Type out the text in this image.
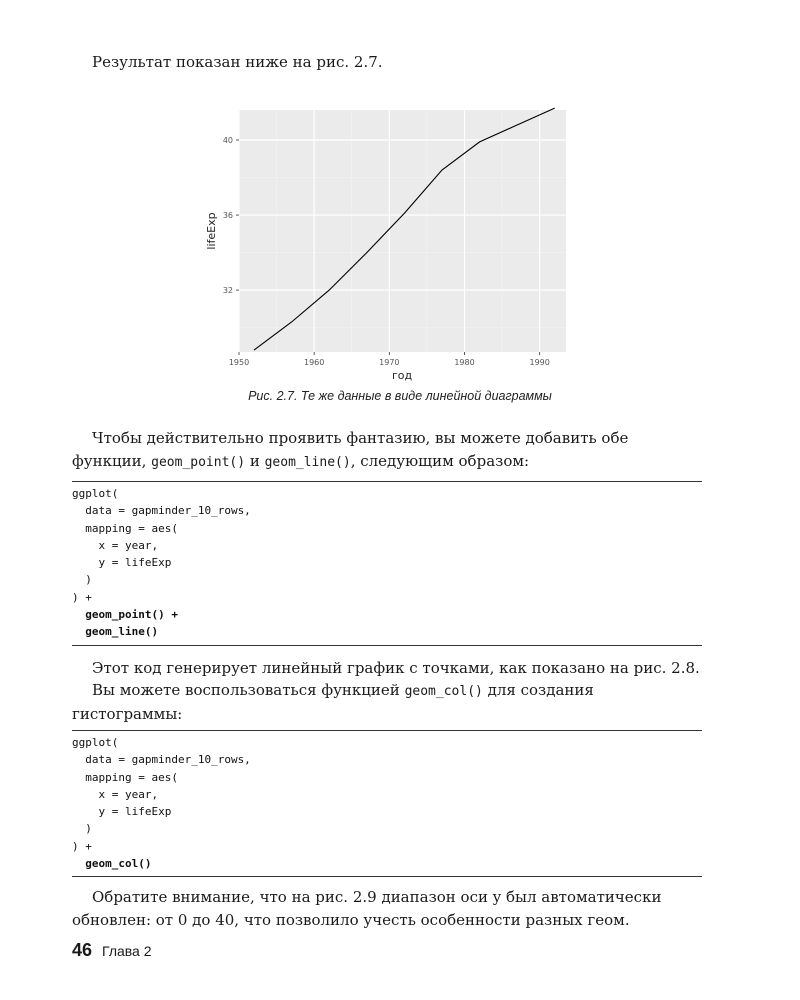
Результат показан ниже на рис. 2.7.

32
36
40
1950	1960	1970	1980	1990
год
lifeExp
Рис. 2.7. Те же данные в виде линейной диаграммы

Чтобы действительно проявить фантазию, вы можете добавить обе функции, geom_point() и geom_line(), следующим образом:

ggplot(
data = gapminder_10_rows,
mapping = aes(
x = year,
y = lifeExp
)
) +
geom_point() +
geom_line()

Этот код генерирует линейный график с точками, как показано на рис. 2.8.

Вы можете воспользоваться функцией geom_col() для создания гистограммы:

ggplot(
data = gapminder_10_rows,
mapping = aes(
x = year,
y = lifeExp
)
) +
geom_col()

Обратите внимание, что на рис. 2.9 диапазон оси y был автоматически обновлен: от 0 до 40, что позволило учесть особенности разных геом.

46 Глава 2
